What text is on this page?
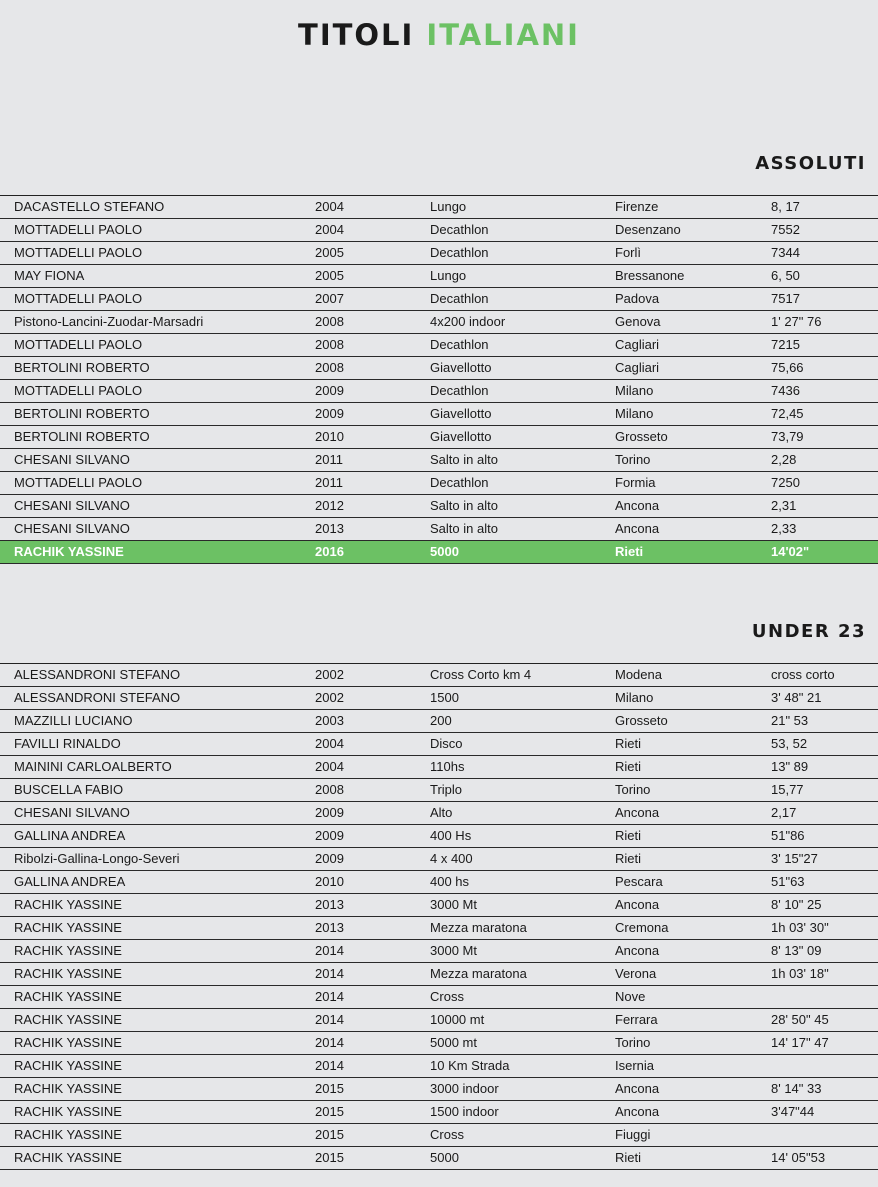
TITOLI ITALIANI
ASSOLUTI
DACASTELLO STEFANO	2004	Lungo	Firenze	8, 17
MOTTADELLI PAOLO	2004	Decathlon	Desenzano	7552
MOTTADELLI PAOLO	2005	Decathlon	Forlì	7344
MAY FIONA	2005	Lungo	Bressanone	6, 50
MOTTADELLI PAOLO	2007	Decathlon	Padova	7517
Pistono-Lancini-Zuodar-Marsadri	2008	4x200 indoor	Genova	1' 27" 76
MOTTADELLI PAOLO	2008	Decathlon	Cagliari	7215
BERTOLINI ROBERTO	2008	Giavellotto	Cagliari	75,66
MOTTADELLI PAOLO	2009	Decathlon	Milano	7436
BERTOLINI ROBERTO	2009	Giavellotto	Milano	72,45
BERTOLINI ROBERTO	2010	Giavellotto	Grosseto	73,79
CHESANI SILVANO	2011	Salto in alto	Torino	2,28
MOTTADELLI PAOLO	2011	Decathlon	Formia	7250
CHESANI SILVANO	2012	Salto in alto	Ancona	2,31
CHESANI SILVANO	2013	Salto in alto	Ancona	2,33
RACHIK YASSINE	2016	5000	Rieti	14'02"
UNDER 23
ALESSANDRONI STEFANO	2002	Cross Corto km 4	Modena	cross corto
ALESSANDRONI STEFANO	2002	1500	Milano	3' 48" 21
MAZZILLI LUCIANO	2003	200	Grosseto	21" 53
FAVILLI RINALDO	2004	Disco	Rieti	53, 52
MAININI CARLOALBERTO	2004	110hs	Rieti	13" 89
BUSCELLA FABIO	2008	Triplo	Torino	15,77
CHESANI SILVANO	2009	Alto	Ancona	2,17
GALLINA ANDREA	2009	400 Hs	Rieti	51"86
Ribolzi-Gallina-Longo-Severi	2009	4 x 400	Rieti	3' 15"27
GALLINA ANDREA	2010	400 hs	Pescara	51"63
RACHIK YASSINE	2013	3000 Mt	Ancona	8' 10" 25
RACHIK YASSINE	2013	Mezza maratona	Cremona	1h 03' 30"
RACHIK YASSINE	2014	3000 Mt	Ancona	8' 13" 09
RACHIK YASSINE	2014	Mezza maratona	Verona	1h 03' 18"
RACHIK YASSINE	2014	Cross	Nove
RACHIK YASSINE	2014	10000 mt	Ferrara	28' 50" 45
RACHIK YASSINE	2014	5000 mt	Torino	14' 17" 47
RACHIK YASSINE	2014	10 Km Strada	Isernia
RACHIK YASSINE	2015	3000 indoor	Ancona	8' 14" 33
RACHIK YASSINE	2015	1500 indoor	Ancona	3'47"44
RACHIK YASSINE	2015	Cross	Fiuggi
RACHIK YASSINE	2015	5000	Rieti	14' 05"53
